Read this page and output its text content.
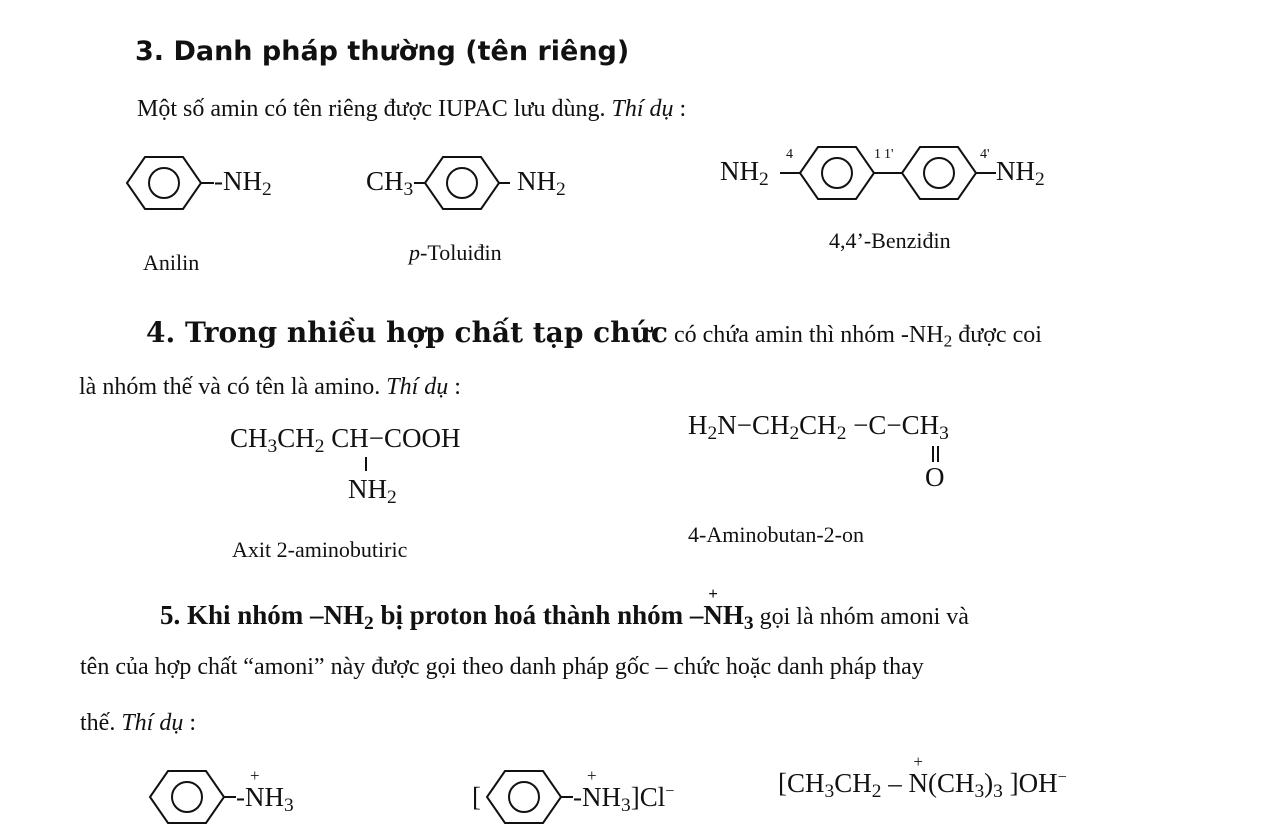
3. Danh pháp thường (tên riêng)
Một số amin có tên riêng được IUPAC lưu dùng. Thí dụ :
$-NH_2$
Anilin
$CH_3$	$NH_2$
p-Toluiđin
$NH_2$
4	1 1'	4'
$NH_2$
4,4’-Benziđin
4. Trong nhiều hợp chất tạp chức có chứa amin thì nhóm $-NH_2$ được coi
là nhóm thế và có tên là amino. Thí dụ :
$CH_3CH_2$ CH−COOH
$NH_2$
Axit 2-aminobutiric
$H_2N-CH_2CH_2 -C-CH_3$
O
4-Aminobutan-2-on
5. Khi nhóm $-NH_2$ bị proton hoá thành nhóm –
+
$NH_3$ gọi là nhóm amoni và
tên của hợp chất “amoni” này được gọi theo danh pháp gốc – chức hoặc danh pháp thay
thế. Thí dụ :
-
+
$NH_3$	[	-
+
$NH_3]Cl^-$	[$CH_3CH_2$ –
+
$N(CH_3)_3$ ]OH−
